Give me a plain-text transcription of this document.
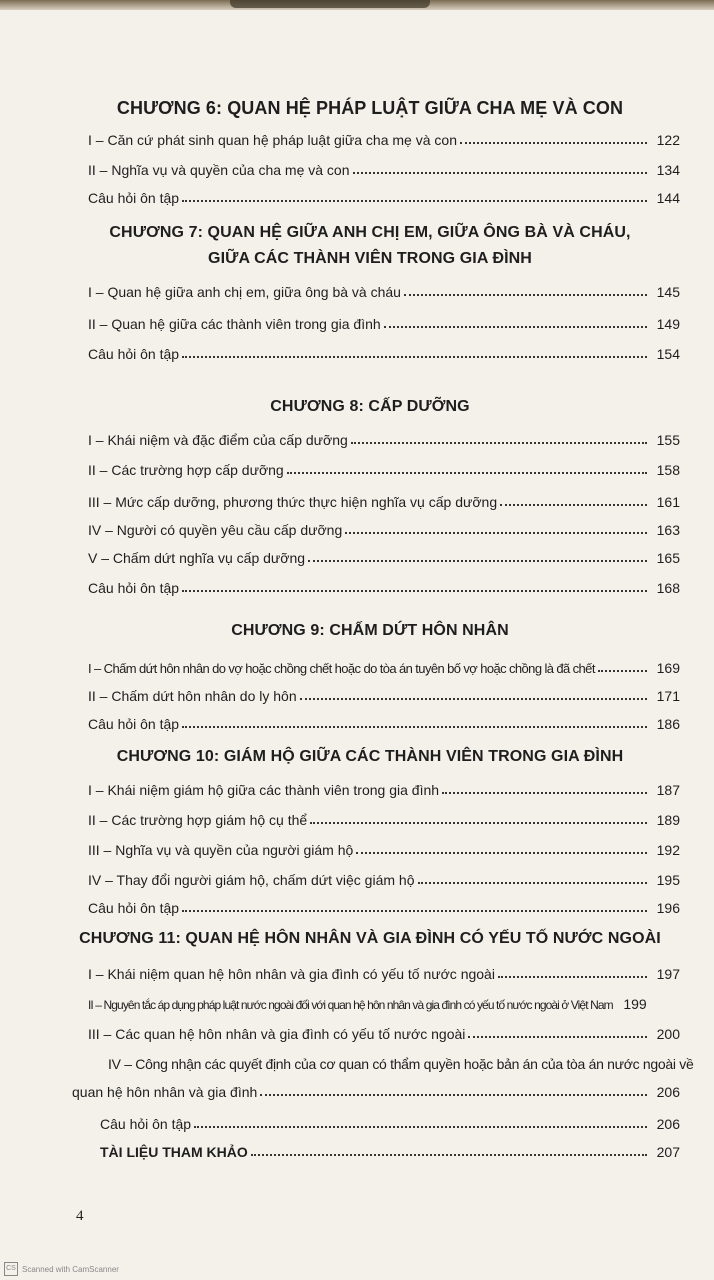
CHƯƠNG 6: QUAN HỆ PHÁP LUẬT GIỮA CHA MẸ VÀ CON
I – Căn cứ phát sinh quan hệ pháp luật giữa cha mẹ và con	122
II – Nghĩa vụ và quyền của cha mẹ và con	134
Câu hỏi ôn tập	144
CHƯƠNG 7: QUAN HỆ GIỮA ANH CHỊ EM, GIỮA ÔNG BÀ VÀ CHÁU,
GIỮA CÁC THÀNH VIÊN TRONG GIA ĐÌNH
I – Quan hệ giữa anh chị em, giữa ông bà và cháu	145
II – Quan hệ giữa các thành viên trong gia đình	149
Câu hỏi ôn tập	154
CHƯƠNG 8: CẤP DƯỠNG
I – Khái niệm và đặc điểm của cấp dưỡng	155
II – Các trường hợp cấp dưỡng	158
III – Mức cấp dưỡng, phương thức thực hiện nghĩa vụ cấp dưỡng	161
IV – Người có quyền yêu cầu cấp dưỡng	163
V – Chấm dứt nghĩa vụ cấp dưỡng	165
Câu hỏi ôn tập	168
CHƯƠNG 9: CHẤM DỨT HÔN NHÂN
I – Chấm dứt hôn nhân do vợ hoặc chồng chết hoặc do tòa án tuyên bố vợ hoặc chồng là đã chết	169
II – Chấm dứt hôn nhân do ly hôn	171
Câu hỏi ôn tập	186
CHƯƠNG 10: GIÁM HỘ GIỮA CÁC THÀNH VIÊN TRONG GIA ĐÌNH
I – Khái niệm giám hộ giữa các thành viên trong gia đình	187
II – Các trường hợp giám hộ cụ thể	189
III – Nghĩa vụ và quyền của người giám hộ	192
IV – Thay đổi người giám hộ, chấm dứt việc giám hộ	195
Câu hỏi ôn tập	196
CHƯƠNG 11: QUAN HỆ HÔN NHÂN VÀ GIA ĐÌNH CÓ YẾU TỐ NƯỚC NGOÀI
I – Khái niệm quan hệ hôn nhân và gia đình có yếu tố nước ngoài	197
II – Nguyên tắc áp dụng pháp luật nước ngoài đối với quan hệ hôn nhân và gia đình có yếu tố nước ngoài ở Việt Nam 199
III – Các quan hệ hôn nhân và gia đình có yếu tố nước ngoài	200
IV – Công nhận các quyết định của cơ quan có thẩm quyền hoặc bản án của tòa án nước ngoài về
quan hệ hôn nhân và gia đình	206
Câu hỏi ôn tập	206
TÀI LIỆU THAM KHẢO	207
4
CS Scanned with CamScanner
